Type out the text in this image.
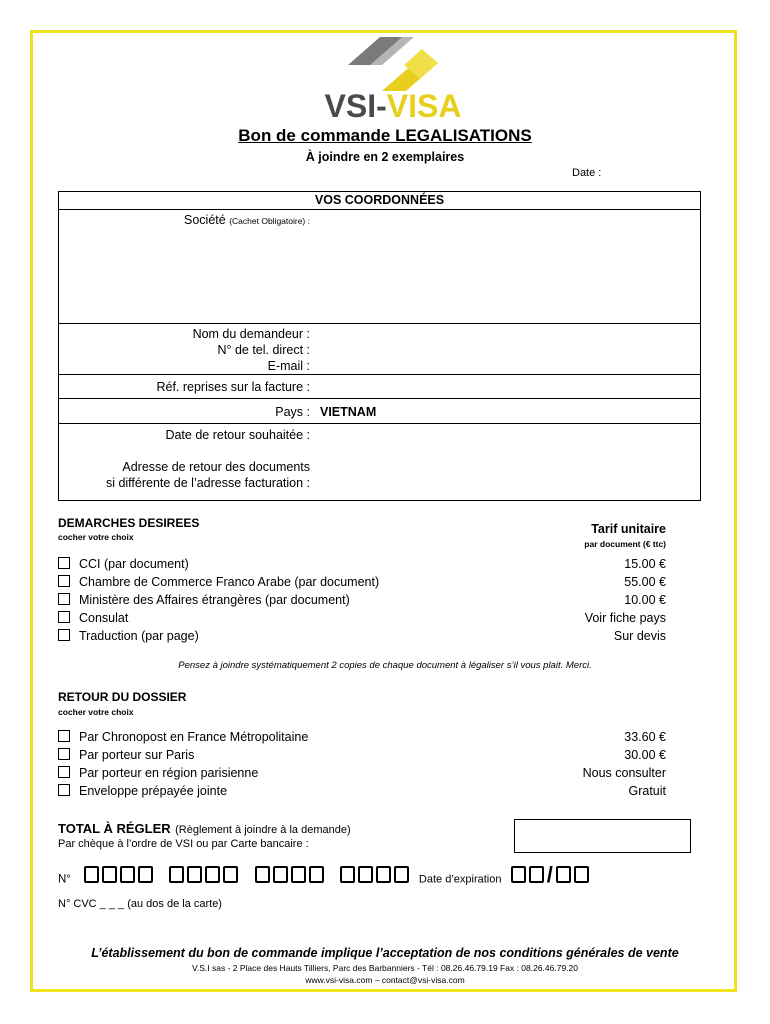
VSI-VISA
Bon de commande LEGALISATIONS
À joindre en 2 exemplaires
Date :
VOS COORDONNÉES
Société (Cachet Obligatoire) :
Nom du demandeur :
N° de tel. direct :
E-mail :
Réf. reprises sur la facture :
Pays : VIETNAM
Date de retour souhaitée :
Adresse de retour des documents
si différente de l’adresse facturation :
DEMARCHES DESIREES
cocher votre choix
Tarif unitaire
par document (€ ttc)
CCI (par document)	15.00 €
Chambre de Commerce Franco Arabe (par document)	55.00 €
Ministère des Affaires étrangères (par document)	10.00 €
Consulat	Voir fiche pays
Traduction (par page)	Sur devis
Pensez à joindre systématiquement 2 copies de chaque document à légaliser s’il vous plait. Merci.
RETOUR DU DOSSIER
cocher votre choix
Par Chronopost en France Métropolitaine	33.60 €
Par porteur sur Paris	30.00 €
Par porteur en région parisienne	Nous consulter
Enveloppe prépayée jointe	Gratuit
TOTAL À RÉGLER (Règlement à joindre à la demande)
Par chèque à l’ordre de VSI ou par Carte bancaire :
N°	Date d’expiration /
N° CVC _ _ _ (au dos de la carte)
L’établissement du bon de commande implique l’acceptation de nos conditions générales de vente
V.S.I sas - 2 Place des Hauts Tilliers, Parc des Barbanniers - Tél : 08.26.46.79.19 Fax : 08.26.46.79.20
www.vsi-visa.com – contact@vsi-visa.com
